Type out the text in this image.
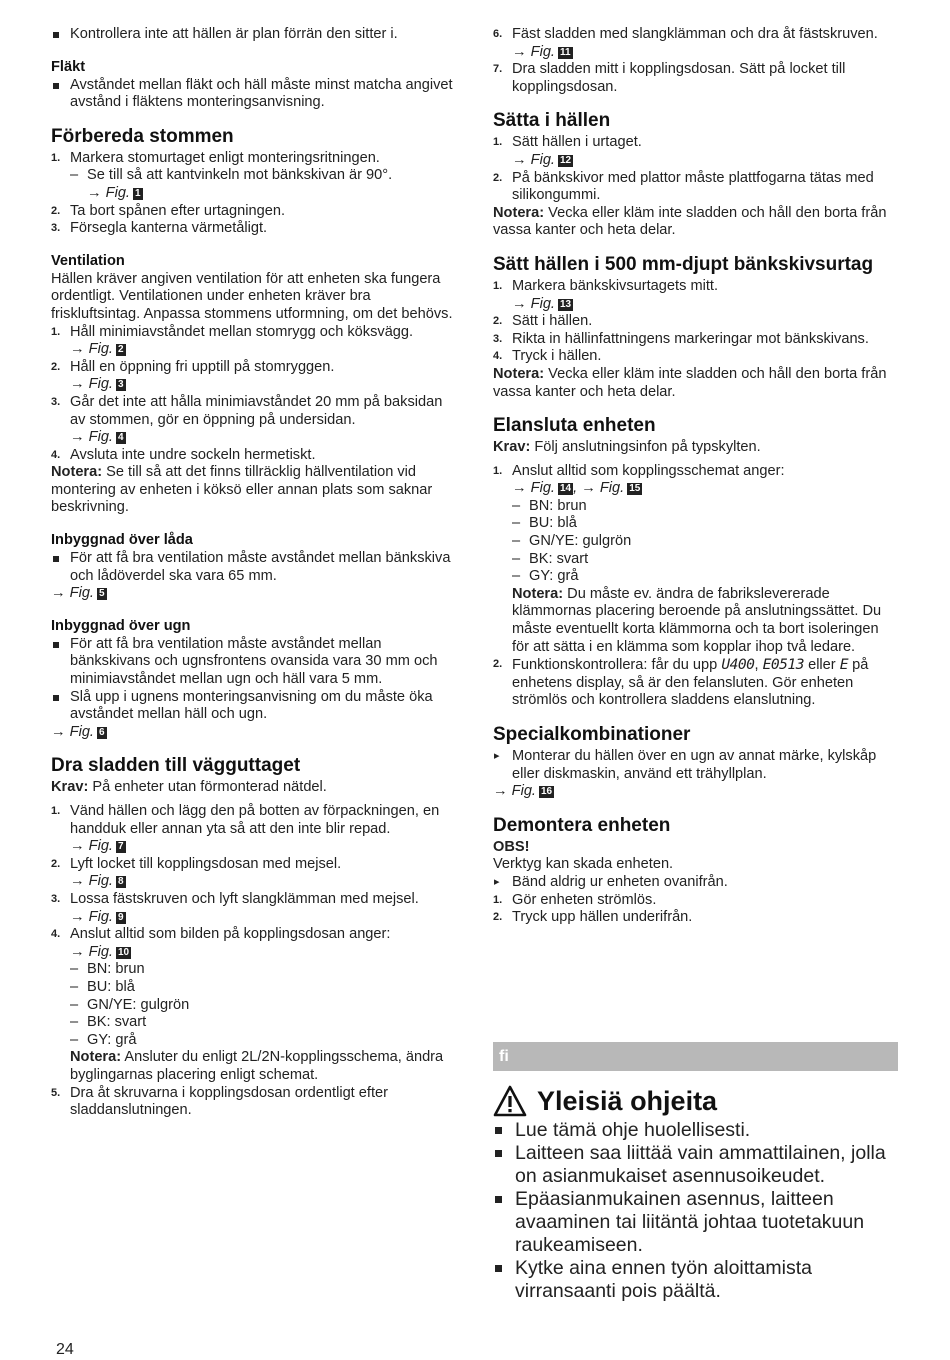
Kontrollera inte att hällen är plan förrän den sitter i.

Fläkt

Avståndet mellan fläkt och häll måste minst matcha angivet avstånd i fläktens monteringsanvisning.

Förbereda stommen

1. Markera stomurtaget enligt monteringsritningen.

– Se till så att kantvinkeln mot bänkskivan är 90°.

→ Fig. 1

2. Ta bort spånen efter urtagningen.

3. Försegla kanterna värmetåligt.

Ventilation

Hällen kräver angiven ventilation för att enheten ska fungera ordentligt. Ventilationen under enheten kräver bra friskluftsintag. Anpassa stommens utformning, om det behövs.

1. Håll minimiavståndet mellan stomrygg och köksvägg.

→ Fig. 2

2. Håll en öppning fri upptill på stomryggen.

→ Fig. 3

3. Går det inte att hålla minimiavståndet 20 mm på baksidan av stommen, gör en öppning på undersidan.

→ Fig. 4

4. Avsluta inte undre sockeln hermetiskt.

Notera: Se till så att det finns tillräcklig hällventilation vid montering av enheten i köksö eller annan plats som saknar beskrivning.

Inbyggnad över låda

För att få bra ventilation måste avståndet mellan bänkskiva och lådöverdel ska vara 65 mm.

→ Fig. 5

Inbyggnad över ugn

För att få bra ventilation måste avståndet mellan bänkskivans och ugnsfrontens ovansida vara 30 mm och minimiavståndet mellan ugn och häll vara 5 mm.

Slå upp i ugnens monteringsanvisning om du måste öka avståndet mellan häll och ugn.

→ Fig. 6

Dra sladden till vägguttaget

Krav: På enheter utan förmonterad nätdel.

1. Vänd hällen och lägg den på botten av förpackningen, en handduk eller annan yta så att den inte blir repad.

→ Fig. 7

2. Lyft locket till kopplingsdosan med mejsel.

→ Fig. 8

3. Lossa fästskruven och lyft slangklämman med mejsel.

→ Fig. 9

4. Anslut alltid som bilden på kopplingsdosan anger:

→ Fig. 10

– BN: brun

– BU: blå

– GN/YE: gulgrön

– BK: svart

– GY: grå

Notera: Ansluter du enligt 2L/2N-kopplingsschema, ändra byglingarnas placering enligt schemat.

5. Dra åt skruvarna i kopplingsdosan ordentligt efter sladdanslutningen.

6. Fäst sladden med slangklämman och dra åt fästskruven.

→ Fig. 11

7. Dra sladden mitt i kopplingsdosan. Sätt på locket till kopplingsdosan.

Sätta i hällen

1. Sätt hällen i urtaget.

→ Fig. 12

2. På bänkskivor med plattor måste plattfogarna tätas med silikongummi.

Notera: Vecka eller kläm inte sladden och håll den borta från vassa kanter och heta delar.

Sätt hällen i 500 mm-djupt bänkskivsurtag

1. Markera bänkskivsurtagets mitt.

→ Fig. 13

2. Sätt i hällen.

3. Rikta in hällinfattningens markeringar mot bänkskivans.

4. Tryck i hällen.

Notera: Vecka eller kläm inte sladden och håll den borta från vassa kanter och heta delar.

Elansluta enheten

Krav: Följ anslutningsinfon på typskylten.

1. Anslut alltid som kopplingsschemat anger:

→ Fig. 14 , → Fig. 15

– BN: brun

– BU: blå

– GN/YE: gulgrön

– BK: svart

– GY: grå

Notera: Du måste ev. ändra de fabrikslevererade klämmornas placering beroende på anslutningssättet. Du måste eventuellt korta klämmorna och ta bort isoleringen för att sätta i en klämma som kopplar ihop två ledare.

2. Funktionskontrollera: får du upp U400, E0513 eller E på enhetens display, så är den felansluten. Gör enheten strömlös och kontrollera sladdens elanslutning.

Specialkombinationer

▸ Monterar du hällen över en ugn av annat märke, kylskåp eller diskmaskin, använd ett trähyllplan.

→ Fig. 16

Demontera enheten

OBS!

Verktyg kan skada enheten.

▸ Bänd aldrig ur enheten ovanifrån.

1. Gör enheten strömlös.

2. Tryck upp hällen underifrån.

fi
Yleisiä ohjeita

Lue tämä ohje huolellisesti.

Laitteen saa liittää vain ammattilainen, jolla on asianmukaiset asennusoikeudet.

Epäasianmukainen asennus, laitteen avaaminen tai liitäntä johtaa tuotetakuun raukeamiseen.

Kytke aina ennen työn aloittamista virransaanti pois päältä.

24
